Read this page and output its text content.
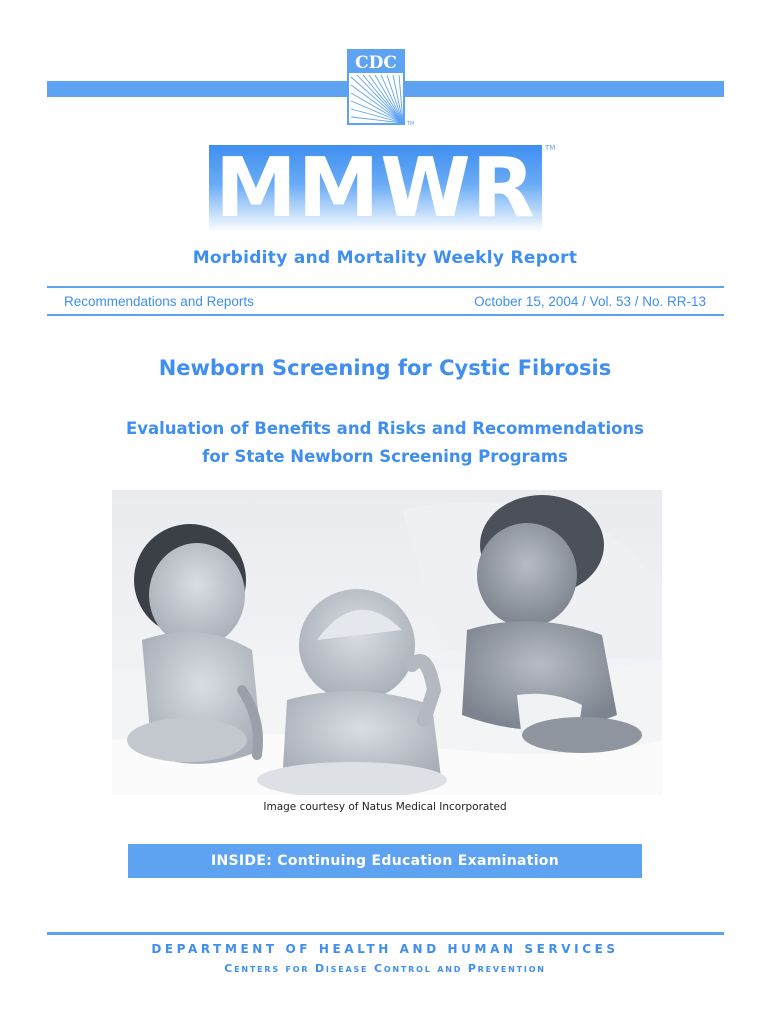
CDC
TM
MMWR	TM
Morbidity and Mortality Weekly Report
Recommendations and Reports	October 15, 2004 / Vol. 53 / No. RR-13
Newborn Screening for Cystic Fibrosis
Evaluation of Benefits and Risks and Recommendations
for State Newborn Screening Programs
Image courtesy of Natus Medical Incorporated
INSIDE: Continuing Education Examination
DEPARTMENT OF HEALTH AND HUMAN SERVICES
Centers for Disease Control and Prevention
